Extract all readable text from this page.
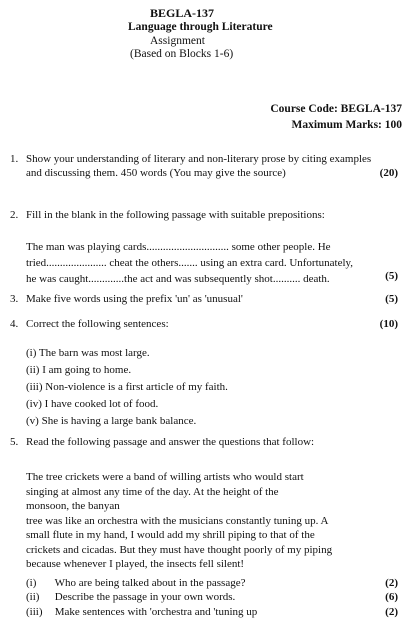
BEGLA-137
Language through Literature
Assignment
(Based on Blocks 1-6)
Course Code: BEGLA-137
Maximum Marks: 100
1. Show your understanding of literary and non-literary prose by citing examples and discussing them. 450 words (You may give the source)	(20)
2. Fill in the blank in the following passage with suitable prepositions:
The man was playing cards.............................. some other people. He
tried...................... cheat the others....... using an extra card. Unfortunately,
he was caught.............the act and was subsequently shot.......... death.	(5)
3. Make five words using the prefix 'un' as 'unusual'	(5)
4. Correct the following sentences:	(10)
(i) The barn was most large.
(ii) I am going to home.
(iii) Non-violence is a first article of my faith.
(iv) I have cooked lot of food.
(v) She is having a large bank balance.
5. Read the following passage and answer the questions that follow:
The tree crickets were a band of willing artists who would start
singing at almost any time of the day. At the height of the
monsoon, the banyan
tree was like an orchestra with the musicians constantly tuning up. A
small flute in my hand, I would add my shrill piping to that of the
crickets and cicadas. But they must have thought poorly of my piping
because whenever I played, the insects fell silent!
(i) Who are being talked about in the passage?	(2)
(ii) Describe the passage in your own words.	(6)
(iii) Make sentences with 'orchestra and 'tuning up	(2)
